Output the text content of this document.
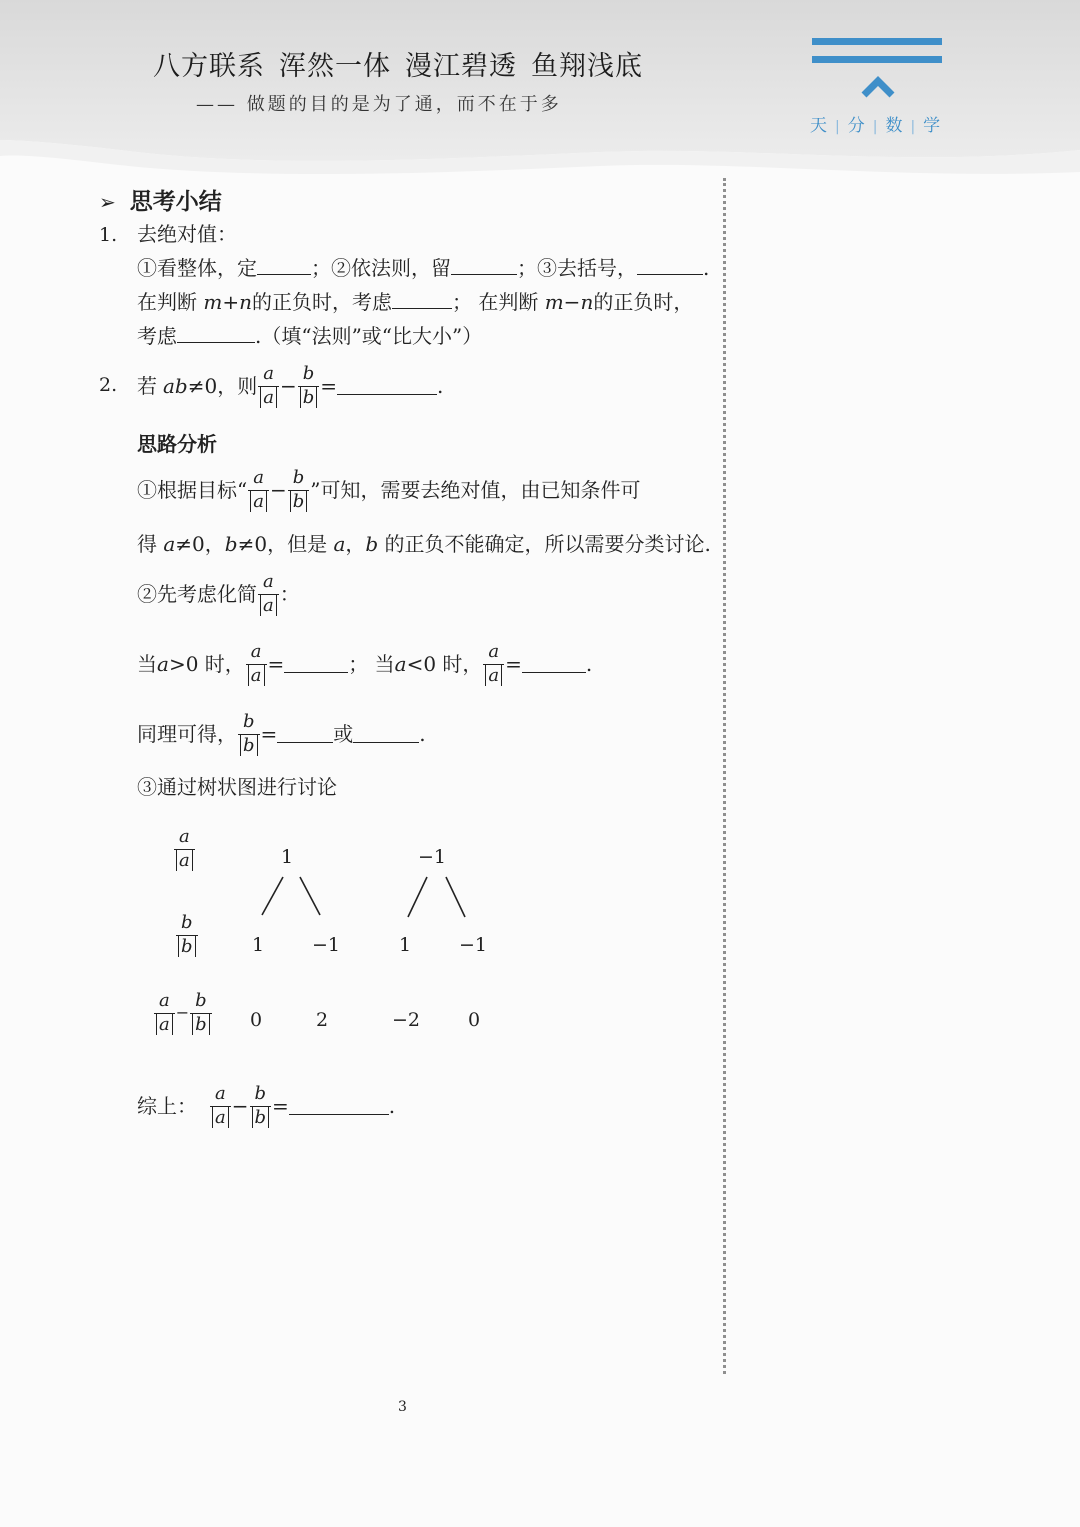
八方联系 浑然一体 漫江碧透 鱼翔浅底
—— 做题的目的是为了通，而不在于多
天 | 分 | 数 | 学
➢ 思考小结
1. 去绝对值：
①看整体，定	；②依法则，留	；③去括号，	.
在判断 m+n的正负时，考虑	； 在判断 m−n的正负时，
考虑	.（填“法则”或“比大小”）
2. 若 ab ≠0，则 $\frac{a}{a} - \frac{b}{b}$ =	.
思路分析
①根据目标“ $\frac{a}{a} - \frac{b}{b}$ ”可知，需要去绝对值，由已知条件可
得 a≠0，b≠0，但是 a，b 的正负不能确定，所以需要分类讨论.
②先考虑化简 $\frac{a}{a}$ ：
当 a >0 时， $\frac{a}{a}$ =	； 当 a <0 时， $\frac{a}{a}$ =	.
同理可得， $\frac{b}{b}$ =	或	.
③通过树状图进行讨论
$\frac{a}{a}$
$\frac{b}{b}$
$\frac{a}{a} - \frac{b}{b}$
1	−1
1	−1	1	−1
0	2	−2	0
综上： $\frac{a}{a} - \frac{b}{b}$ =	.
3
